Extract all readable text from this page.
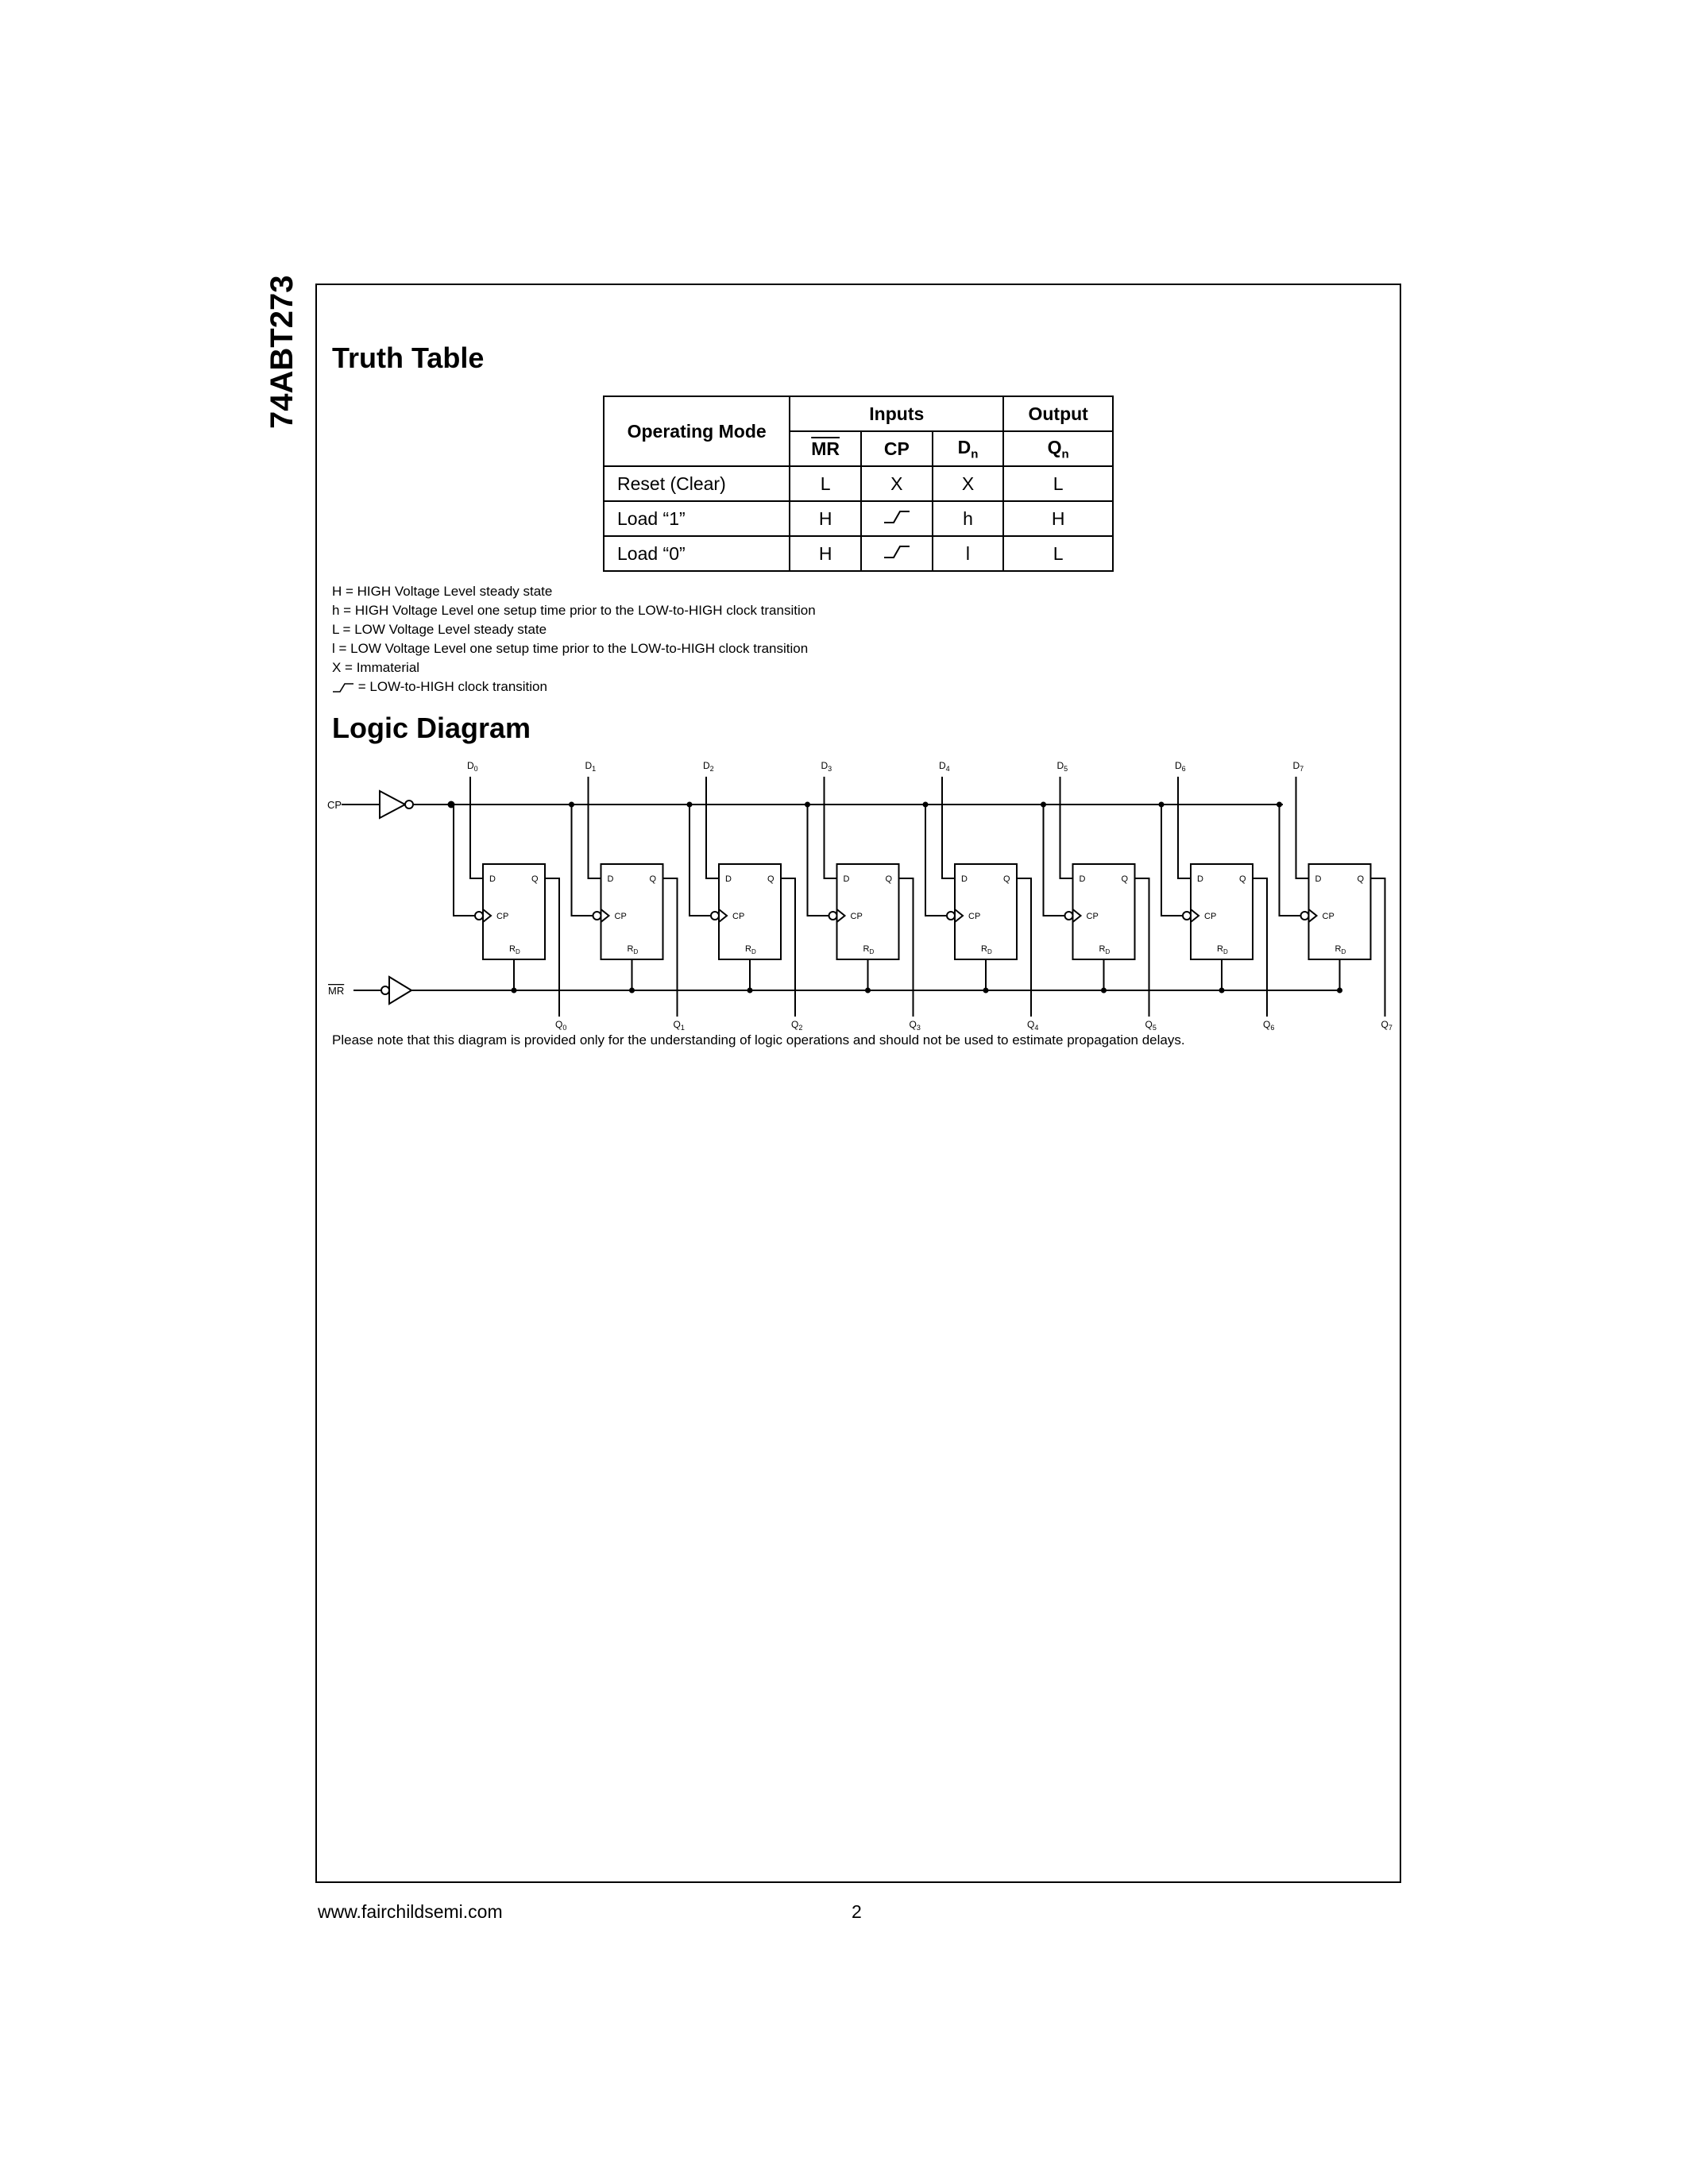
74ABT273 Truth Table
Operating Mode	Inputs			Output
	$\overline{MR}$	CP	$D_n$	$Q_n$
Reset (Clear)	L	X	X	L
Load “1”	H		h	H
Load “0”	H		l	L
H = HIGH Voltage Level steady state
h = HIGH Voltage Level one setup time prior to the LOW-to-HIGH clock transition
L = LOW Voltage Level steady state
l = LOW Voltage Level one setup time prior to the LOW-to-HIGH clock transition
X = Immaterial
= LOW-to-HIGH clock transition
Logic Diagram
CP
MR
$D_0$
D	Q
CP
$R_D$
$Q_0$
$D_1$
D	Q
CP
$R_D$
$Q_1$
$D_2$
D	Q
CP
$R_D$
$Q_2$
$D_3$
D	Q
CP
$R_D$
$Q_3$
$D_4$
D	Q
CP
$R_D$
$Q_4$
$D_5$
D	Q
CP
$R_D$
$Q_5$
$D_6$
D	Q
CP
$R_D$
$Q_6$
$D_7$
D	Q
CP
$R_D$
$Q_7$
Please note that this diagram is provided only for the understanding of logic operations and should not be used to estimate propagation delays.
www.fairchildsemi.com	2
